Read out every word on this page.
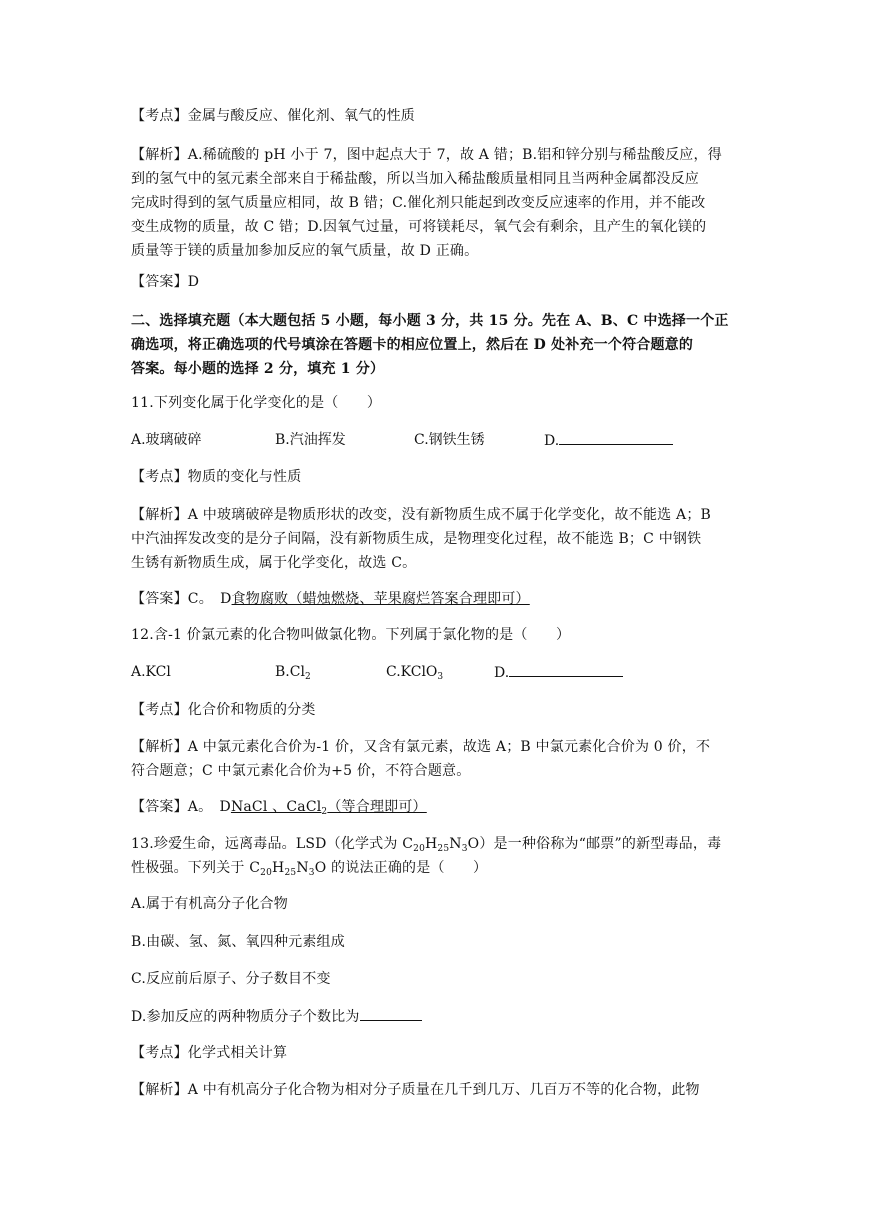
【考点】金属与酸反应、催化剂、氧气的性质
【解析】A.稀硫酸的 pH 小于 7，图中起点大于 7，故 A 错；B.铝和锌分别与稀盐酸反应，得
到的氢气中的氢元素全部来自于稀盐酸，所以当加入稀盐酸质量相同且当两种金属都没反应
完成时得到的氢气质量应相同，故 B 错；C.催化剂只能起到改变反应速率的作用，并不能改
变生成物的质量，故 C 错；D.因氧气过量，可将镁耗尽，氧气会有剩余，且产生的氧化镁的
质量等于镁的质量加参加反应的氧气质量，故 D 正确。
【答案】D
二、选择填充题（本大题包括 5 小题，每小题 3 分，共 15 分。先在 A、B、C 中选择一个正
确选项，将正确选项的代号填涂在答题卡的相应位置上，然后在 D 处补充一个符合题意的
答案。每小题的选择 2 分，填充 1 分）
11.下列变化属于化学变化的是（　　）
A.玻璃破碎	B.汽油挥发	C.钢铁生锈	D.
【考点】物质的变化与性质
【解析】A 中玻璃破碎是物质形状的改变，没有新物质生成不属于化学变化，故不能选 A；B
中汽油挥发改变的是分子间隔，没有新物质生成，是物理变化过程，故不能选 B；C 中钢铁
生锈有新物质生成，属于化学变化，故选 C。
【答案】C。　D食物腐败（蜡烛燃烧、苹果腐烂答案合理即可）
12.含-1 价氯元素的化合物叫做氯化物。下列属于氯化物的是（　　）
A.KCl	$B.Cl_2$	C.KClO$_3$	D.
【考点】化合价和物质的分类
【解析】A 中氯元素化合价为-1 价，又含有氯元素，故选 A；B 中氯元素化合价为 0 价，不
符合题意；C 中氯元素化合价为+5 价，不符合题意。
【答案】A。　DNaCl 、CaCl$_2$（等合理即可）
13.珍爱生命，远离毒品。LSD（化学式为 $C_{20}H_{25}N_3O$）是一种俗称为“邮票”的新型毒品，毒
性极强。下列关于 $C_{20}H_{25}N_3O$ 的说法正确的是（　　）
A.属于有机高分子化合物
B.由碳、氢、氮、氧四种元素组成
C.反应前后原子、分子数目不变
D.参加反应的两种物质分子个数比为
【考点】化学式相关计算
【解析】A 中有机高分子化合物为相对分子质量在几千到几万、几百万不等的化合物，此物
